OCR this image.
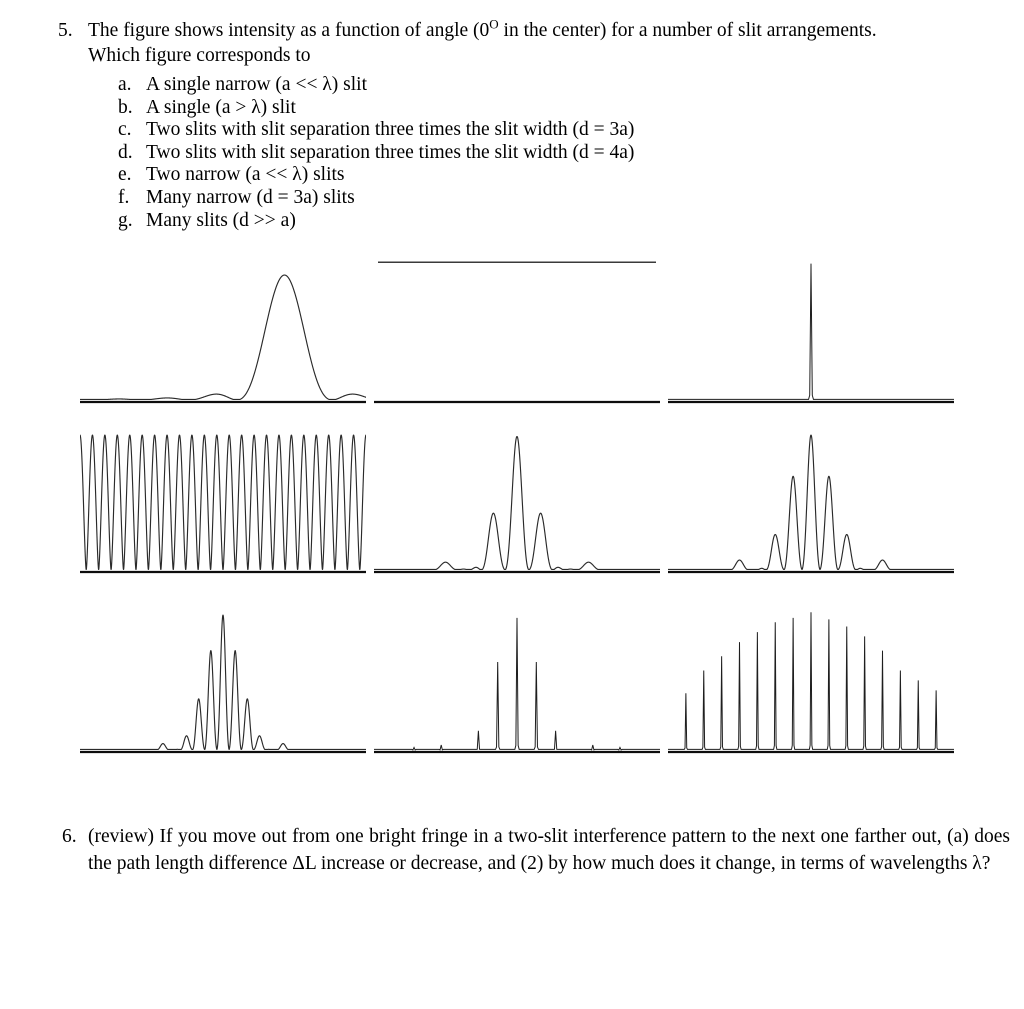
5. The figure shows intensity as a function of angle ($0^O$ in the center) for a number of slit arrangements.
Which figure corresponds to
a. A single narrow (a << λ) slit
b. A single (a > λ) slit
c. Two slits with slit separation three times the slit width (d = 3a)
d. Two slits with slit separation three times the slit width (d = 4a)
e. Two narrow (a << λ) slits
f. Many narrow (d = 3a) slits
g. Many slits (d >> a)
6. (review) If you move out from one bright fringe in a two-slit interference pattern to the next one farther out, (a) does the path length difference ΔL increase or decrease, and (2) by how much does it change, in terms of wavelengths λ?
